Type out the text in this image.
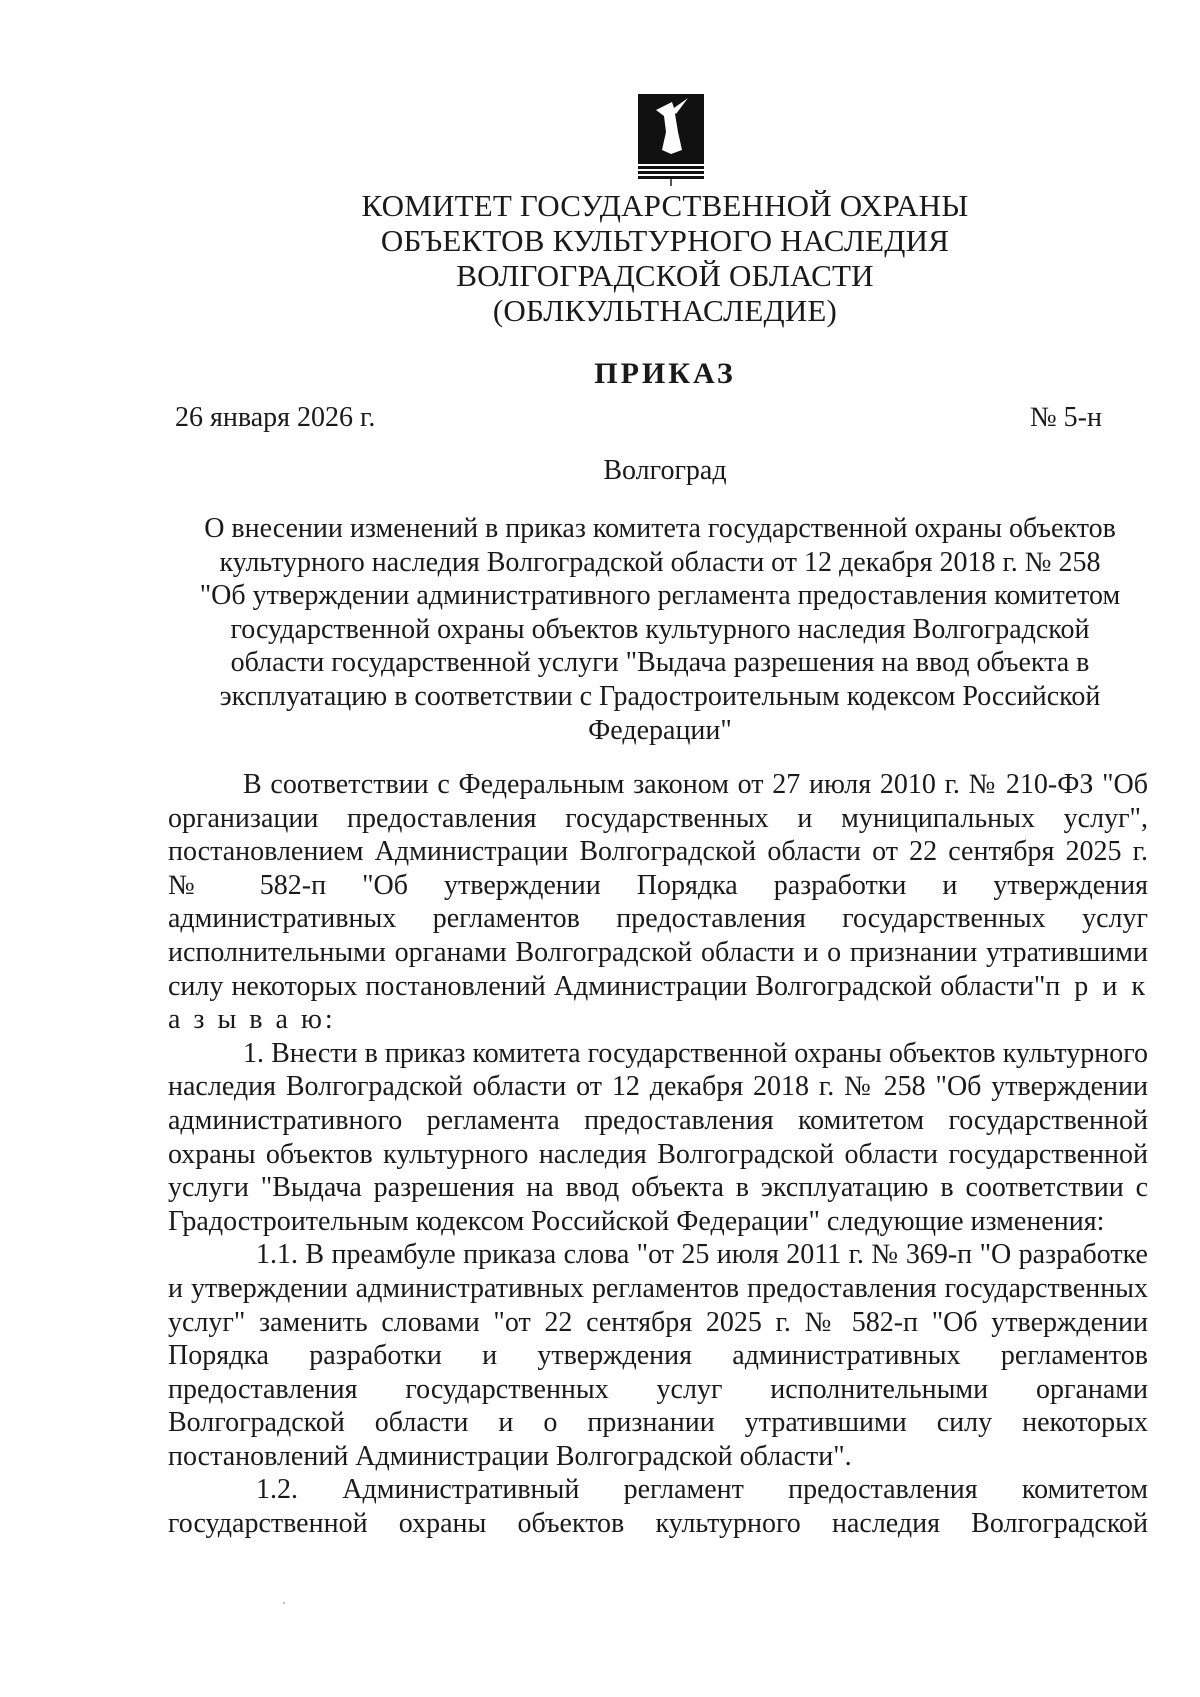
КОМИТЕТ ГОСУДАРСТВЕННОЙ ОХРАНЫ
ОБЪЕКТОВ КУЛЬТУРНОГО НАСЛЕДИЯ
ВОЛГОГРАДСКОЙ ОБЛАСТИ
(ОБЛКУЛЬТНАСЛЕДИЕ)
ПРИКАЗ
26 января 2026 г.	№ 5-н
Волгоград
О внесении изменений в приказ комитета государственной охраны объектов
культурного наследия Волгоградской области от 12 декабря 2018 г. № 258
"Об утверждении административного регламента предоставления комитетом
государственной охраны объектов культурного наследия Волгоградской
области государственной услуги "Выдача разрешения на ввод объекта в
эксплуатацию в соответствии с Градостроительным кодексом Российской
Федерации"

В соответствии с Федеральным законом от 27 июля 2010 г. № 210-ФЗ "Об организации предоставления государственных и муниципальных услуг", постановлением Администрации Волгоградской области от 22 сентября 2025 г. № 582-п "Об утверждении Порядка разработки и утверждения административных регламентов предоставления государственных услуг исполнительными органами Волгоградской области и о признании утратившими силу некоторых постановлений Администрации Волгоградской области"п р и к а з ы в а ю:

1. Внести в приказ комитета государственной охраны объектов культурного наследия Волгоградской области от 12 декабря 2018 г. № 258 "Об утверждении административного регламента предоставления комитетом государственной охраны объектов культурного наследия Волгоградской области государственной услуги "Выдача разрешения на ввод объекта в эксплуатацию в соответствии с Градостроительным кодексом Российской Федерации" следующие изменения:

1.1. В преамбуле приказа слова "от 25 июля 2011 г. № 369-п "О разработке и утверждении административных регламентов предоставления государственных услуг" заменить словами "от 22 сентября 2025 г. № 582-п "Об утверждении Порядка разработки и утверждения административных регламентов предоставления государственных услуг исполнительными органами Волгоградской области и о признании утратившими силу некоторых постановлений Администрации Волгоградской области".

1.2. Административный регламент предоставления комитетом государственной охраны объектов культурного наследия Волгоградской
